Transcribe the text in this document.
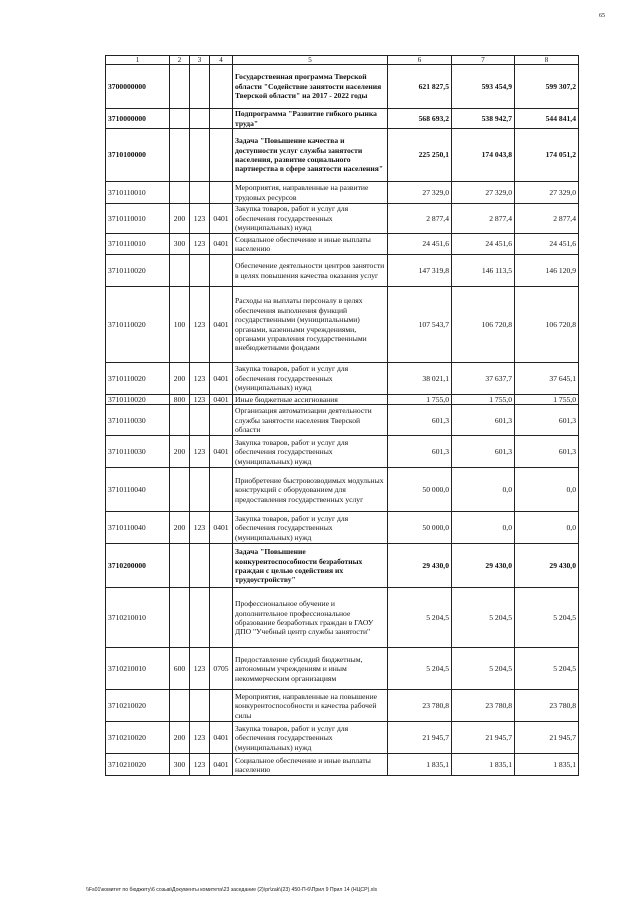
65
1	2	3	4	5	6	7	8
3700000000				Государственная программа Тверской области "Содействие занятости населения Тверской области" на 2017 - 2022 годы	621 827,5	593 454,9	599 307,2
3710000000				Подпрограмма "Развитие гибкого рынка труда"	568 693,2	538 942,7	544 841,4
3710100000				Задача "Повышение качества и доступности услуг службы занятости населения, развитие социального партнерства в сфере занятости населения"	225 250,1	174 043,8	174 051,2
3710110010				Мероприятия, направленные на развитие трудовых ресурсов	27 329,0	27 329,0	27 329,0
3710110010	200	123	0401	Закупка товаров, работ и услуг для обеспечения государственных (муниципальных) нужд	2 877,4	2 877,4	2 877,4
3710110010	300	123	0401	Социальное обеспечение и иные выплаты населению	24 451,6	24 451,6	24 451,6
3710110020				Обеспечение деятельности центров занятости в целях повышения качества оказания услуг	147 319,8	146 113,5	146 120,9
3710110020	100	123	0401	Расходы на выплаты персоналу в целях обеспечения выполнения функций государственными (муниципальными) органами, казенными учреждениями, органами управления государственными внебюджетными фондами	107 543,7	106 720,8	106 720,8
3710110020	200	123	0401	Закупка товаров, работ и услуг для обеспечения государственных (муниципальных) нужд	38 021,1	37 637,7	37 645,1
3710110020	800	123	0401	Иные бюджетные ассигнования	1 755,0	1 755,0	1 755,0
3710110030				Организация автоматизации деятельности службы занятости населения Тверской области	601,3	601,3	601,3
3710110030	200	123	0401	Закупка товаров, работ и услуг для обеспечения государственных (муниципальных) нужд	601,3	601,3	601,3
3710110040				Приобретение быстровозводимых модульных конструкций с оборудованием для предоставления государственных услуг	50 000,0	0,0	0,0
3710110040	200	123	0401	Закупка товаров, работ и услуг для обеспечения государственных (муниципальных) нужд	50 000,0	0,0	0,0
3710200000				Задача "Повышение конкурентоспособности безработных граждан с целью содействия их трудоустройству"	29 430,0	29 430,0	29 430,0
3710210010				Профессиональное обучение и дополнительное профессиональное образование безработных граждан в ГАОУ ДПО "Учебный центр службы занятости"	5 204,5	5 204,5	5 204,5
3710210010	600	123	0705	Предоставление субсидий бюджетным, автономным учреждениям и иным некоммерческим организациям	5 204,5	5 204,5	5 204,5
3710210020				Мероприятия, направленные на повышение конкурентоспособности и качества рабочей силы	23 780,8	23 780,8	23 780,8
3710210020	200	123	0401	Закупка товаров, работ и услуг для обеспечения государственных (муниципальных) нужд	21 945,7	21 945,7	21 945,7
3710210020	300	123	0401	Социальное обеспечение и иные выплаты населению	1 835,1	1 835,1	1 835,1
\\Fs01\комитет по бюджету\6 созыв\Документы комитета\23 заседание (2)\pr\zak\(23) 450-П-6\Прил 9 Прил 14 (НЦСР).xls
